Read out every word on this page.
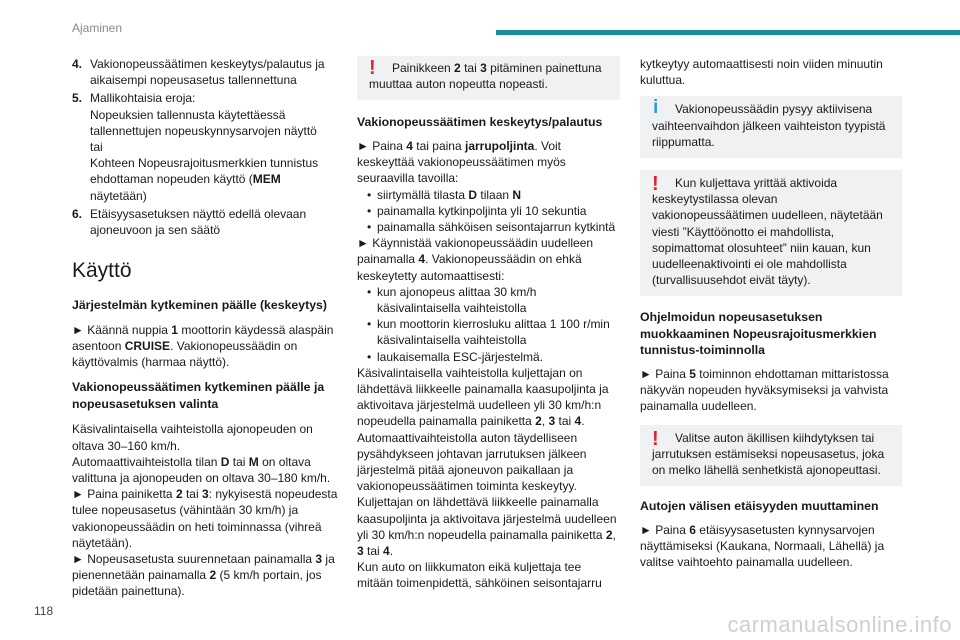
Ajaminen
4. Vakionopeussäätimen keskeytys/palautus ja aikaisempi nopeusasetus tallennettuna
5. Mallikohtaisia eroja:
Nopeuksien tallennusta käytettäessä tallennettujen nopeuskynnysarvojen näyttö
tai
Kohteen Nopeusrajoitusmerkkien tunnistus ehdottaman nopeuden käyttö (MEM näytetään)
6. Etäisyysasetuksen näyttö edellä olevaan ajoneuvoon ja sen säätö
Käyttö
Järjestelmän kytkeminen päälle (keskeytys)

► Käännä nuppia 1 moottorin käydessä alaspäin asentoon CRUISE. Vakionopeussäädin on käyttövalmis (harmaa näyttö).

Vakionopeussäätimen kytkeminen päälle ja nopeusasetuksen valinta

Käsivalintaisella vaihteistolla ajonopeuden on oltava 30–160 km/h.

Automaattivaihteistolla tilan D tai M on oltava valittuna ja ajonopeuden on oltava 30–180 km/h.

► Paina painiketta 2 tai 3: nykyisestä nopeudesta tulee nopeusasetus (vähintään 30 km/h) ja vakionopeussäädin on heti toiminnassa (vihreä näytetään).

► Nopeusasetusta suurennetaan painamalla 3 ja pienennetään painamalla 2 (5 km/h portain, jos pidetään painettuna).

!	Painikkeen 2 tai 3 pitäminen painettuna muuttaa auton nopeutta nopeasti.

Vakionopeussäätimen keskeytys/palautus

► Paina 4 tai paina jarrupoljinta. Voit keskeyttää vakionopeussäätimen myös seuraavilla tavoilla:

• siirtymällä tilasta D tilaan N
• painamalla kytkinpoljinta yli 10 sekuntia
• painamalla sähköisen seisontajarrun kytkintä

► Käynnistää vakionopeussäädin uudelleen painamalla 4. Vakionopeussäädin on ehkä keskeytetty automaattisesti:

• kun ajonopeus alittaa 30 km/h käsivalintaisella vaihteistolla
• kun moottorin kierrosluku alittaa 1 100 r/min käsivalintaisella vaihteistolla
• laukaisemalla ESC-järjestelmä.

Käsivalintaisella vaihteistolla kuljettajan on lähdettävä liikkeelle painamalla kaasupoljinta ja aktivoitava järjestelmä uudelleen yli 30 km/h:n nopeudella painamalla painiketta 2, 3 tai 4.

Automaattivaihteistolla auton täydelliseen pysähdykseen johtavan jarrutuksen jälkeen järjestelmä pitää ajoneuvon paikallaan ja vakionopeussäätimen toiminta keskeytyy.

Kuljettajan on lähdettävä liikkeelle painamalla kaasupoljinta ja aktivoitava järjestelmä uudelleen yli 30 km/h:n nopeudella painamalla painiketta 2, 3 tai 4.

Kun auto on liikkumaton eikä kuljettaja tee mitään toimenpidettä, sähköinen seisontajarru

kytkeytyy automaattisesti noin viiden minuutin kuluttua.

i	Vakionopeussäädin pysyy aktiivisena vaihteenvaihdon jälkeen vaihteiston tyypistä riippumatta.

!	Kun kuljettava yrittää aktivoida keskeytystilassa olevan vakionopeussäätimen uudelleen, näytetään viesti ”Käyttöönotto ei mahdollista, sopimattomat olosuhteet” niin kauan, kun uudelleenaktivointi ei ole mahdollista (turvallisuusehdot eivät täyty).

Ohjelmoidun nopeusasetuksen muokkaaminen Nopeusrajoitusmerkkien tunnistus-toiminnolla

► Paina 5 toiminnon ehdottaman mittaristossa näkyvän nopeuden hyväksymiseksi ja vahvista painamalla uudelleen.

!	Valitse auton äkillisen kiihdytyksen tai jarrutuksen estämiseksi nopeusasetus, joka on melko lähellä senhetkistä ajonopeuttasi.

Autojen välisen etäisyyden muuttaminen

► Paina 6 etäisyysasetusten kynnysarvojen näyttämiseksi (Kaukana, Normaali, Lähellä) ja valitse vaihtoehto painamalla uudelleen.

118
carmanualsonline.info
